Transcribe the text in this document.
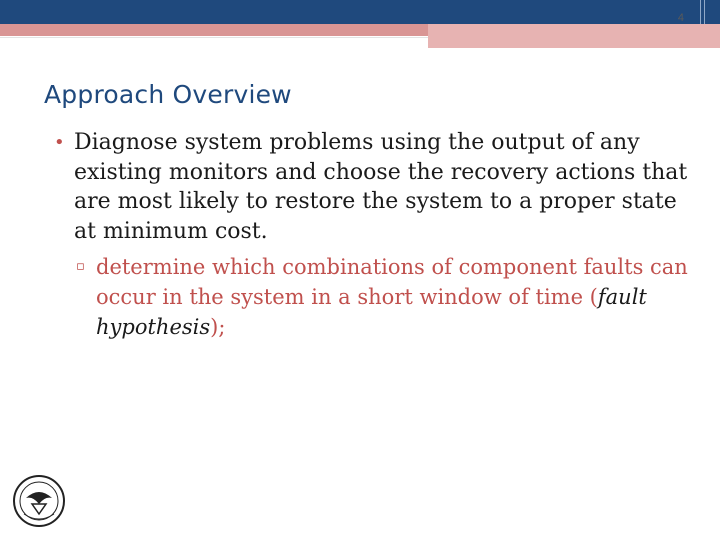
4
Approach Overview
• Diagnose system problems using the output of any existing monitors and choose the recovery actions that are most likely to restore the system to a proper state at minimum cost.
▫ determine which combinations of component faults can occur in the system in a short window of time (fault hypothesis);
